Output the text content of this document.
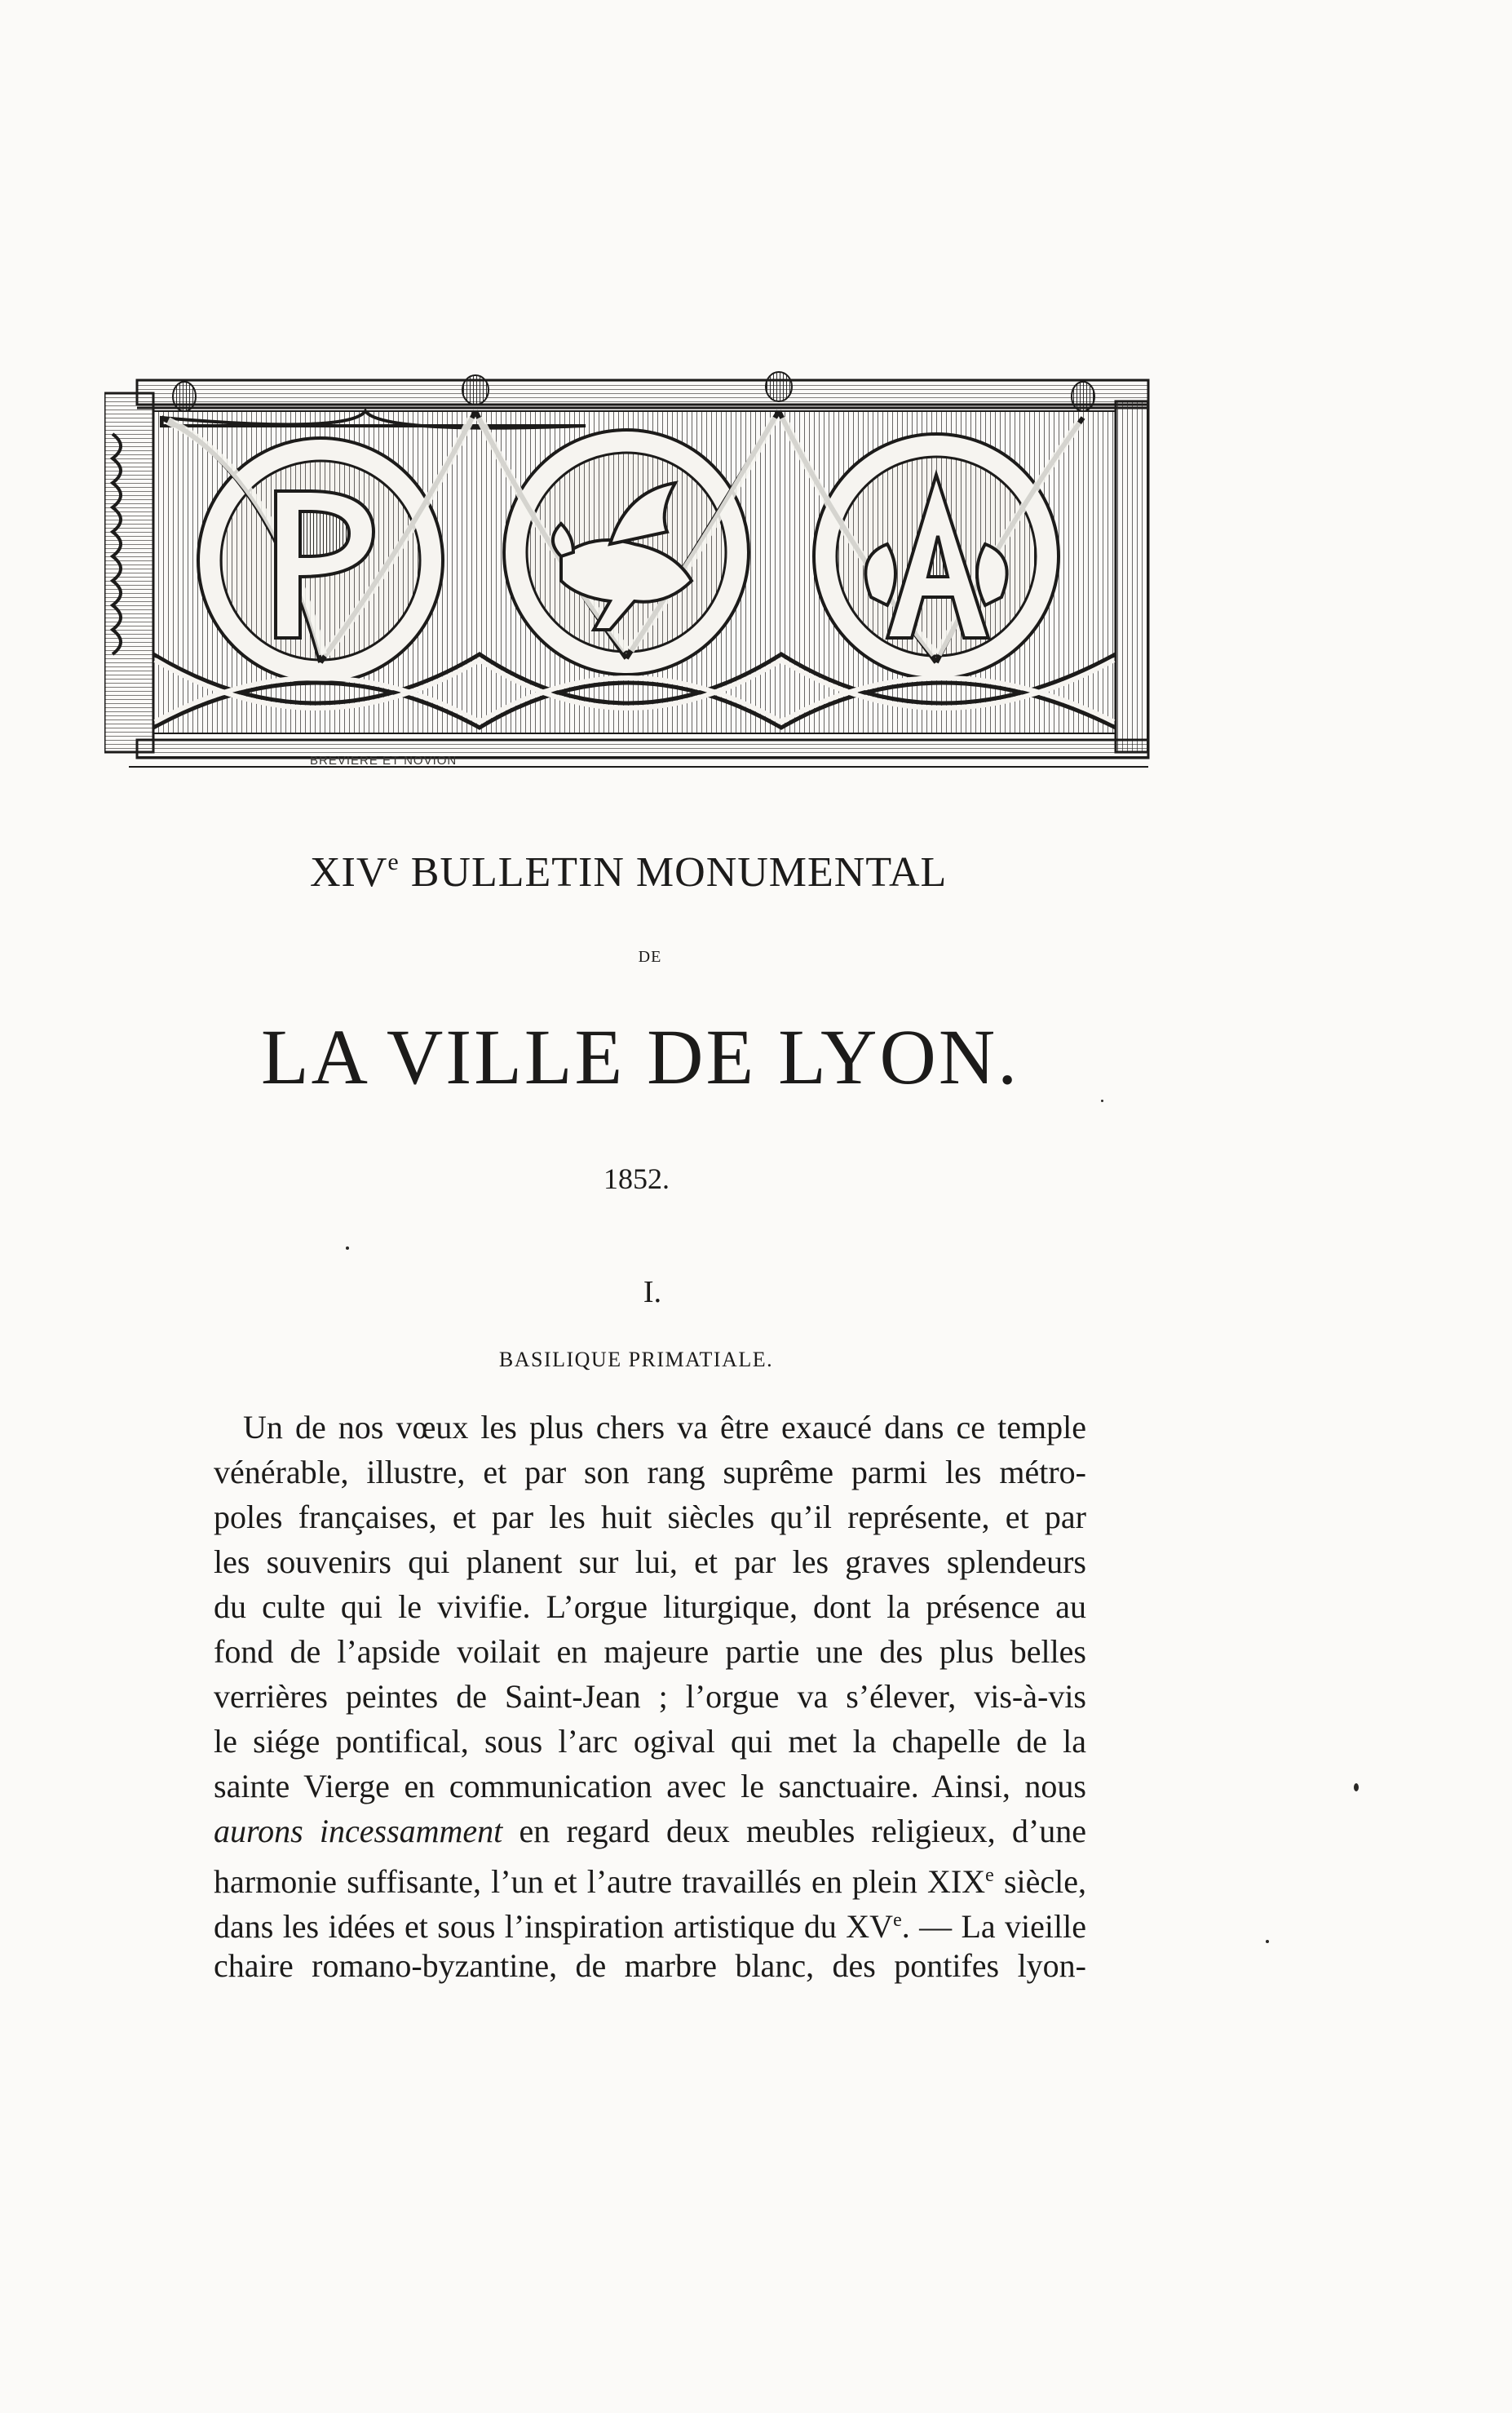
BREVIERE ET NOVION
XIVe BULLETIN MONUMENTAL
DE
LA VILLE DE LYON.
1852.
I.
BASILIQUE PRIMATIALE.
Un de nos vœux les plus chers va être exaucé dans ce temple
vénérable, illustre, et par son rang suprême parmi les métro-
poles françaises, et par les huit siècles qu’il représente, et par
les souvenirs qui planent sur lui, et par les graves splendeurs
du culte qui le vivifie. L’orgue liturgique, dont la présence au
fond de l’apside voilait en majeure partie une des plus belles
verrières peintes de Saint-Jean ; l’orgue va s’élever, vis-à-vis
le siége pontifical, sous l’arc ogival qui met la chapelle de la
sainte Vierge en communication avec le sanctuaire. Ainsi, nous
aurons incessamment en regard deux meubles religieux, d’une
harmonie suffisante, l’un et l’autre travaillés en plein XIXe siècle,
dans les idées et sous l’inspiration artistique du XVe. — La vieille
chaire romano-byzantine, de marbre blanc, des pontifes lyon-
